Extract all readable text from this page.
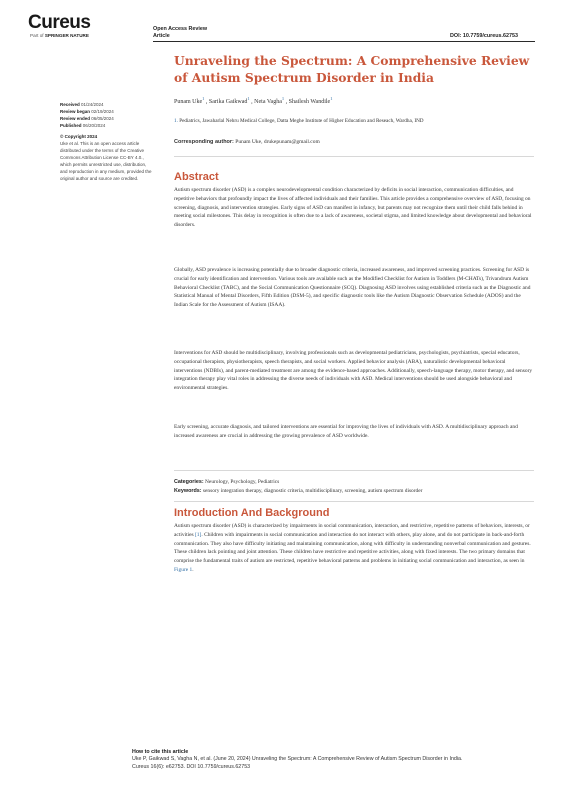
Cureus
Part of SPRINGER NATURE
Open Access Review
Article	DOI: 10.7759/cureus.62753
Unraveling the Spectrum: A Comprehensive Review of Autism Spectrum Disorder in India
Punam Uke$^1$ , Sarika Gaikwad$^1$ , Neta Vagha$^1$ , Shailesh Wandile$^1$
1. Pediatrics, Jawaharlal Nehru Medical College, Datta Meghe Institute of Higher Education and Reseach, Wardha, IND
Corresponding author: Punam Uke, drukepunam@gmail.com
Received 01/24/2024
Review began 02/19/2024
Review ended 06/05/2024
Published 06/20/2024
© Copyright 2024
Uke et al. This is an open access article distributed under the terms of the Creative Commons Attribution License CC-BY 4.0., which permits unrestricted use, distribution, and reproduction in any medium, provided the original author and source are credited.	Abstract
Autism spectrum disorder (ASD) is a complex neurodevelopmental condition characterized by deficits in social interaction, communication difficulties, and repetitive behaviors that profoundly impact the lives of affected individuals and their families. This article provides a comprehensive overview of ASD, focusing on screening, diagnosis, and intervention strategies. Early signs of ASD can manifest in infancy, but parents may not recognize them until their child falls behind in meeting social milestones. This delay in recognition is often due to a lack of awareness, societal stigma, and limited knowledge about developmental and behavioral disorders.
Globally, ASD prevalence is increasing potentially due to broader diagnostic criteria, increased awareness, and improved screening practices. Screening for ASD is crucial for early identification and intervention. Various tools are available such as the Modified Checklist for Autism in Toddlers (M-CHATs), Trivandrum Autism Behavioral Checklist (TABC), and the Social Communication Questionnaire (SCQ). Diagnosing ASD involves using established criteria such as the Diagnostic and Statistical Manual of Mental Disorders, Fifth Edition (DSM-5), and specific diagnostic tools like the Autism Diagnostic Observation Schedule (ADOS) and the Indian Scale for the Assessment of Autism (ISAA).
Interventions for ASD should be multidisciplinary, involving professionals such as developmental pediatricians, psychologists, psychiatrists, special educators, occupational therapists, physiotherapists, speech therapists, and social workers. Applied behavior analysis (ABA), naturalistic developmental behavioral interventions (NDBIs), and parent-mediated treatment are among the evidence-based approaches. Additionally, speech-language therapy, motor therapy, and sensory integration therapy play vital roles in addressing the diverse needs of individuals with ASD. Medical interventions should be used alongside behavioral and environmental strategies.
Early screening, accurate diagnosis, and tailored interventions are essential for improving the lives of individuals with ASD. A multidisciplinary approach and increased awareness are crucial in addressing the growing prevalence of ASD worldwide.
Categories: Neurology, Psychology, Pediatrics
Keywords: sensory integration therapy, diagnostic criteria, multidisciplinary, screening, autism spectrum disorder
Introduction And Background
Autism spectrum disorder (ASD) is characterized by impairments in social communication, interaction, and restrictive, repetitive patterns of behaviors, interests, or activities [1]. Children with impairments in social communication and interaction do not interact with others, play alone, and do not participate in back-and-forth communication. They also have difficulty initiating and maintaining communication, along with difficulty in understanding nonverbal communication and gestures. These children lack pointing and joint attention. These children have restrictive and repetitive activities, along with fixed interests. The two primary domains that comprise the fundamental traits of autism are restricted, repetitive behavioral patterns and problems in initiating social communication and interaction, as seen in Figure 1.
How to cite this article
Uke P, Gaikwad S, Vagha N, et al. (June 20, 2024) Unraveling the Spectrum: A Comprehensive Review of Autism Spectrum Disorder in India.
Cureus 16(6): e62753. DOI 10.7759/cureus.62753
